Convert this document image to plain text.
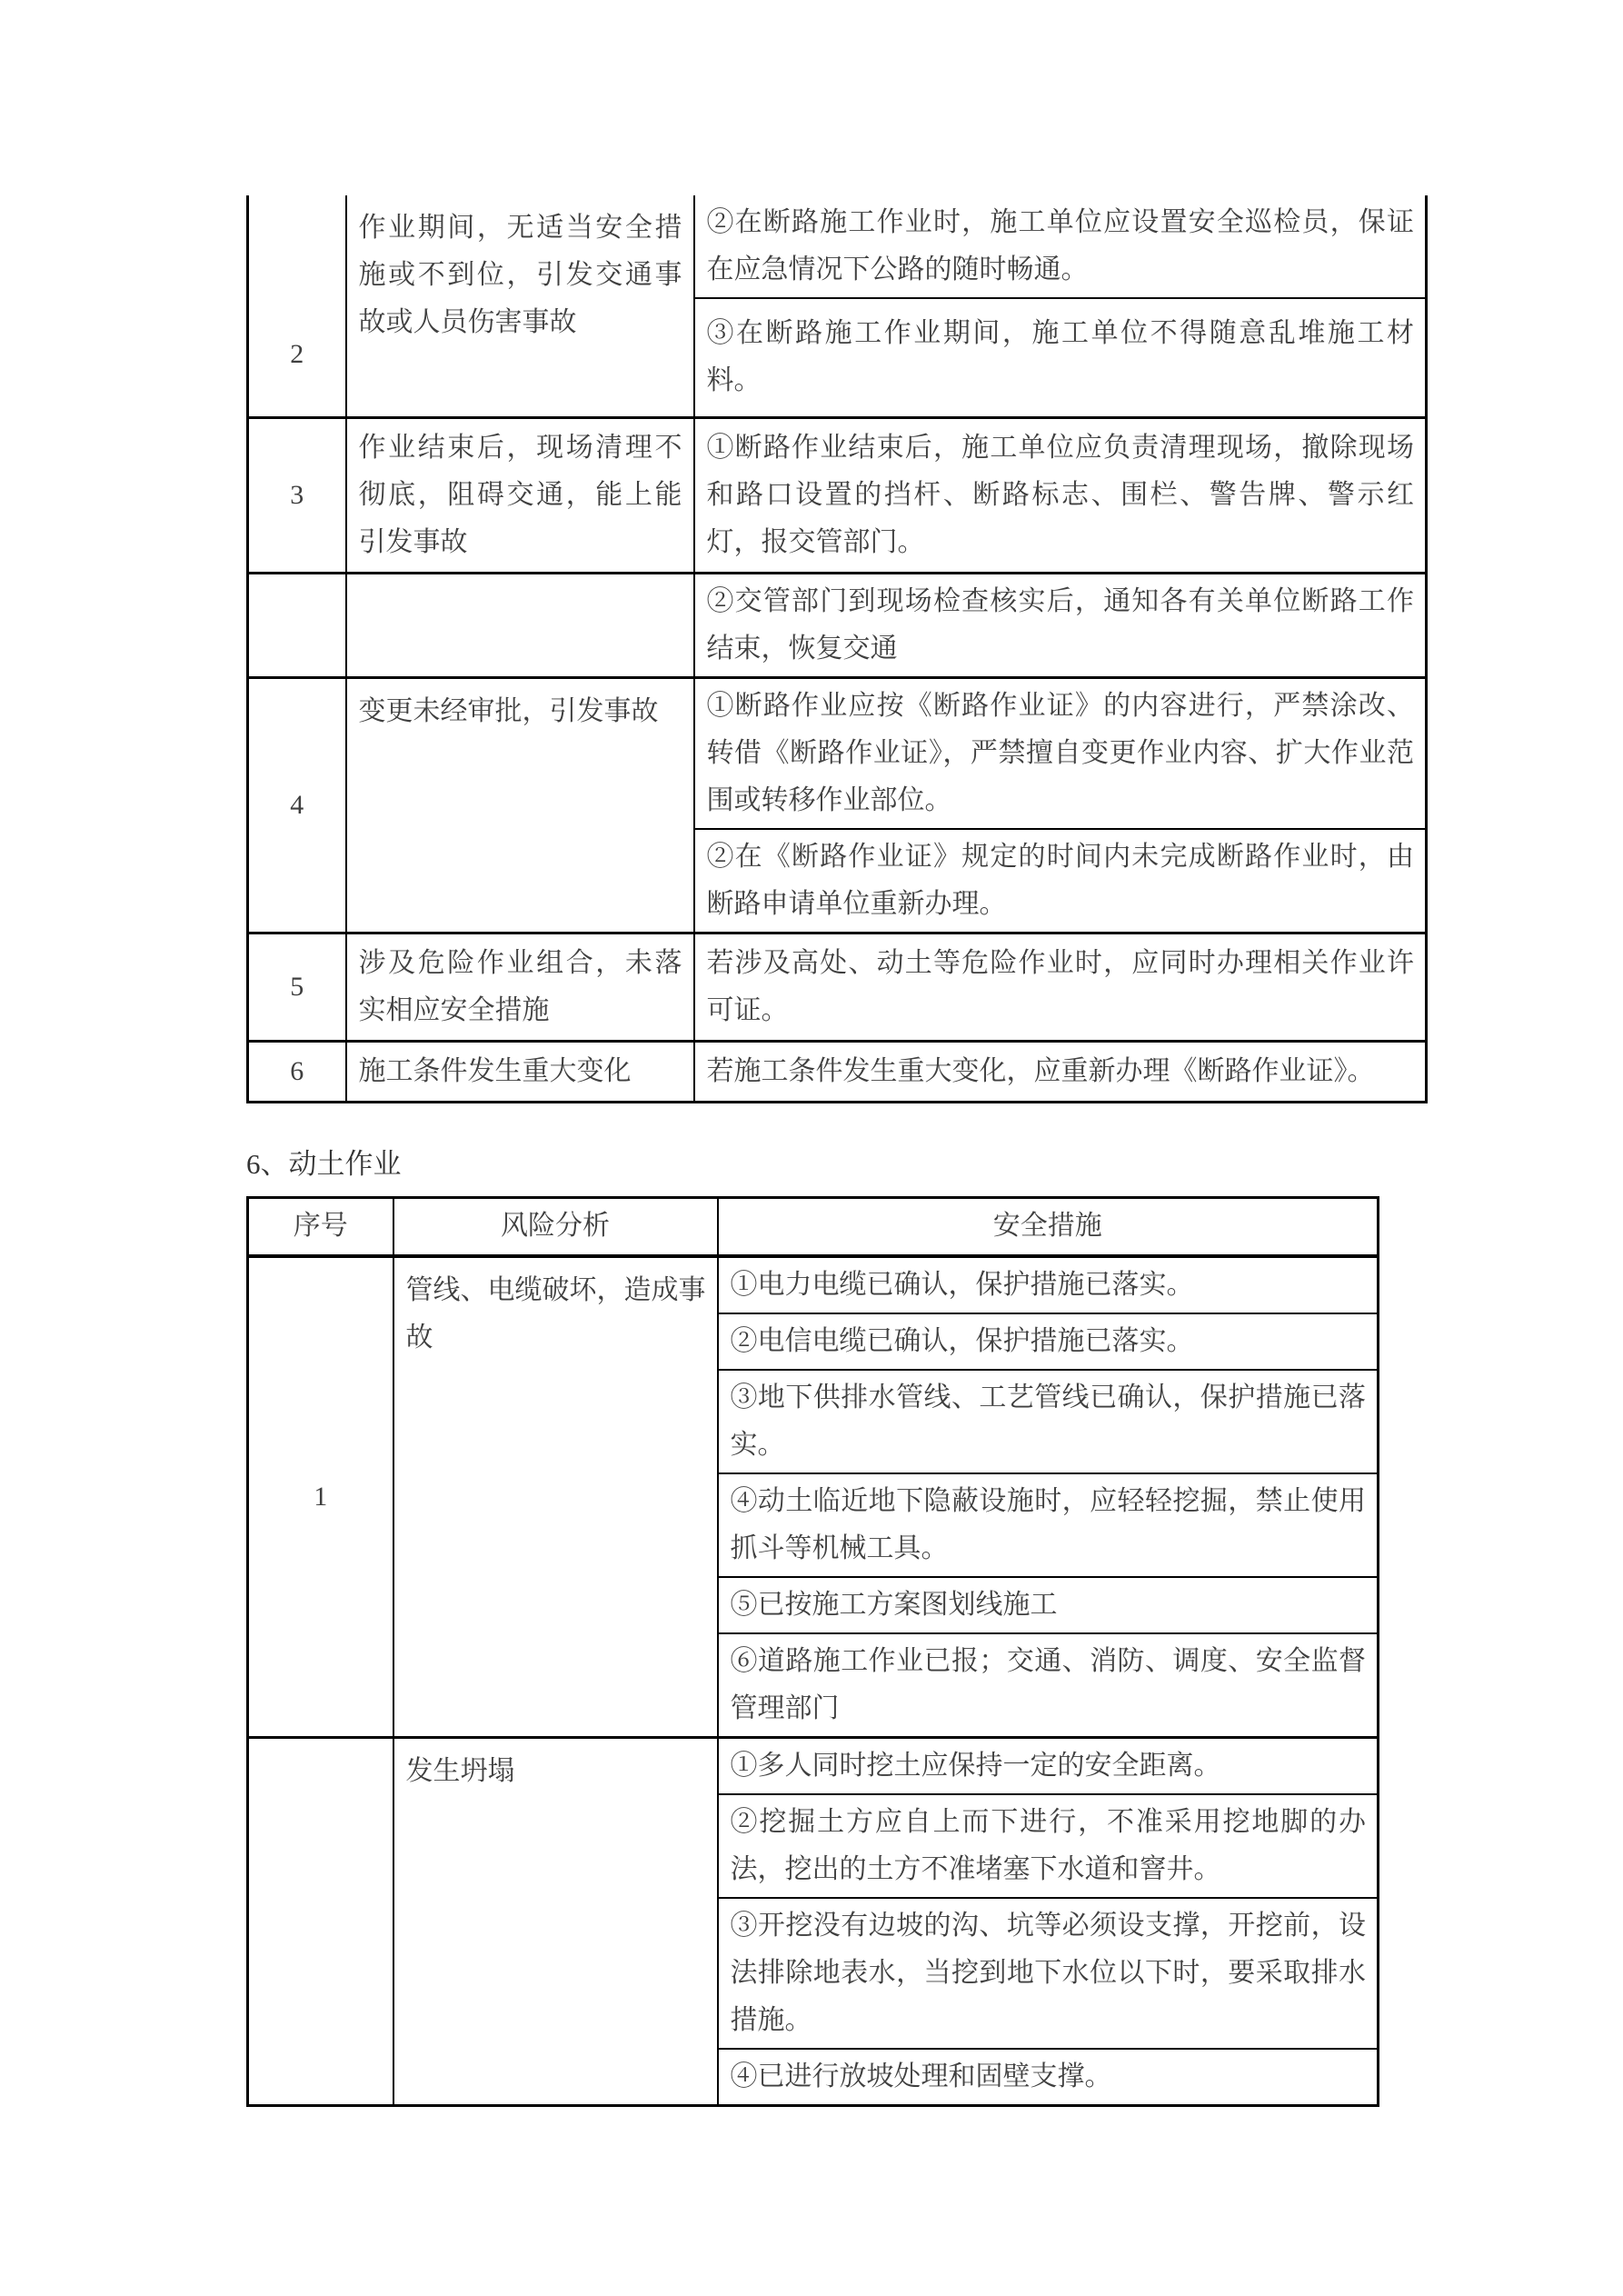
2	作业期间，无适当安全措施或不到位，引发交通事故或人员伤害事故	②在断路施工作业时，施工单位应设置安全巡检员，保证在应急情况下公路的随时畅通。
		③在断路施工作业期间，施工单位不得随意乱堆施工材料。
3	作业结束后，现场清理不彻底，阻碍交通，能上能引发事故	①断路作业结束后，施工单位应负责清理现场，撤除现场和路口设置的挡杆、断路标志、围栏、警告牌、警示红灯，报交管部门。
		②交管部门到现场检查核实后，通知各有关单位断路工作结束，恢复交通
4	变更未经审批，引发事故	①断路作业应按《断路作业证》的内容进行，严禁涂改、转借《断路作业证》，严禁擅自变更作业内容、扩大作业范围或转移作业部位。
		②在《断路作业证》规定的时间内未完成断路作业时，由断路申请单位重新办理。
5	涉及危险作业组合，未落实相应安全措施	若涉及高处、动土等危险作业时，应同时办理相关作业许可证。
6	施工条件发生重大变化	若施工条件发生重大变化，应重新办理《断路作业证》。
6、动土作业
序号	风险分析	安全措施
1	管线、电缆破坏，造成事故	①电力电缆已确认，保护措施已落实。
		②电信电缆已确认，保护措施已落实。
		③地下供排水管线、工艺管线已确认，保护措施已落实。
		④动土临近地下隐蔽设施时，应轻轻挖掘，禁止使用抓斗等机械工具。
		⑤已按施工方案图划线施工
		⑥道路施工作业已报；交通、消防、调度、安全监督管理部门
	发生坍塌	①多人同时挖土应保持一定的安全距离。
		②挖掘土方应自上而下进行，不准采用挖地脚的办法，挖出的土方不准堵塞下水道和窨井。
		③开挖没有边坡的沟、坑等必须设支撑，开挖前，设法排除地表水，当挖到地下水位以下时，要采取排水措施。
		④已进行放坡处理和固壁支撑。
